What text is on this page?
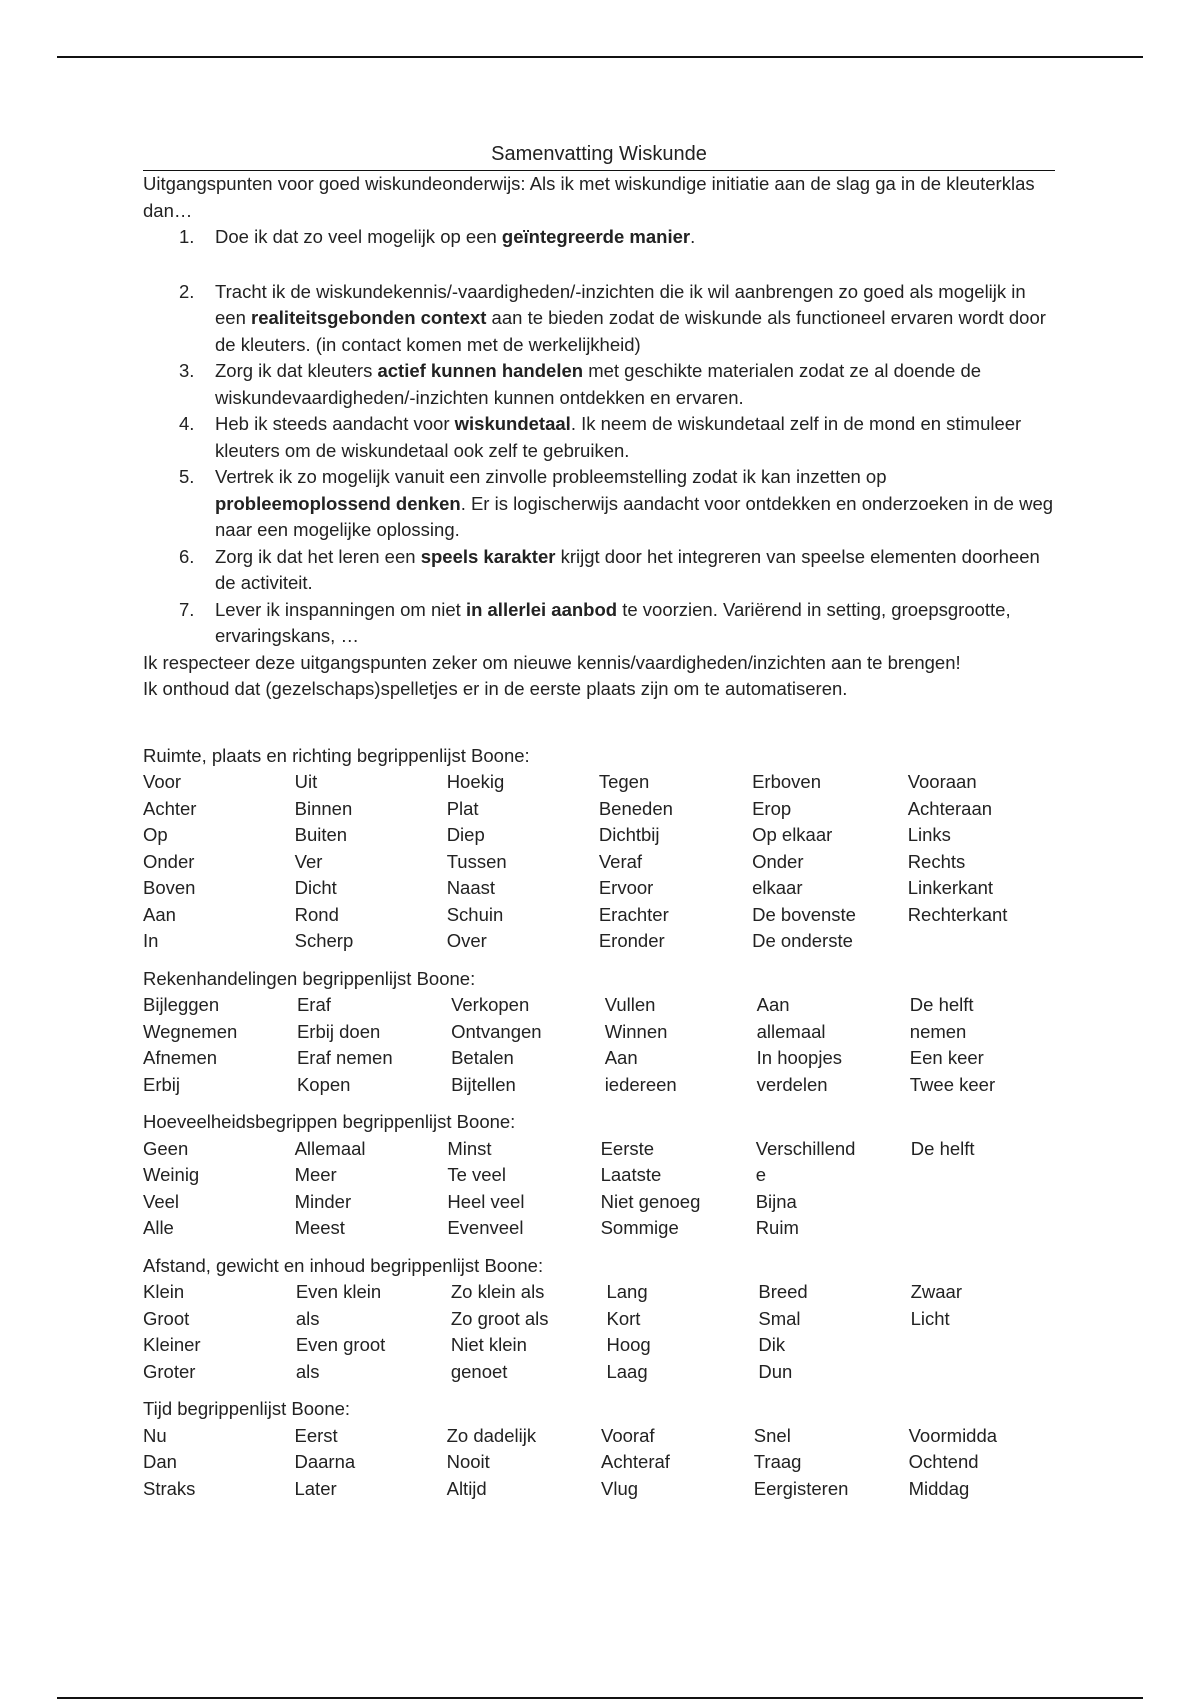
Samenvatting Wiskunde

Uitgangspunten voor goed wiskundeonderwijs: Als ik met wiskundige initiatie aan de slag ga in de kleuterklas dan…

1.	Doe ik dat zo veel mogelijk op een geïntegreerde manier.
2.	Tracht ik de wiskundekennis/-vaardigheden/-inzichten die ik wil aanbrengen zo goed als mogelijk in een realiteitsgebonden context aan te bieden zodat de wiskunde als functioneel ervaren wordt door de kleuters. (in contact komen met de werkelijkheid)
3.	Zorg ik dat kleuters actief kunnen handelen met geschikte materialen zodat ze al doende de wiskundevaardigheden/-inzichten kunnen ontdekken en ervaren.
4.	Heb ik steeds aandacht voor wiskundetaal. Ik neem de wiskundetaal zelf in de mond en stimuleer kleuters om de wiskundetaal ook zelf te gebruiken.
5.	Vertrek ik zo mogelijk vanuit een zinvolle probleemstelling zodat ik kan inzetten op probleemoplossend denken. Er is logischerwijs aandacht voor ontdekken en onderzoeken in de weg naar een mogelijke oplossing.
6.	Zorg ik dat het leren een speels karakter krijgt door het integreren van speelse elementen doorheen de activiteit.
7.	Lever ik inspanningen om niet in allerlei aanbod te voorzien. Variërend in setting, groepsgrootte, ervaringskans, …

Ik respecteer deze uitgangspunten zeker om nieuwe kennis/vaardigheden/inzichten aan te brengen!

Ik onthoud dat (gezelschaps)spelletjes er in de eerste plaats zijn om te automatiseren.

Ruimte, plaats en richting begrippenlijst Boone:

Voor	Uit	Hoekig	Tegen	Erboven	Vooraan
Achter	Binnen	Plat	Beneden	Erop	Achteraan
Op	Buiten	Diep	Dichtbij	Op elkaar	Links
Onder	Ver	Tussen	Veraf	Onder	Rechts
Boven	Dicht	Naast	Ervoor	elkaar	Linkerkant
Aan	Rond	Schuin	Erachter	De bovenste	Rechterkant
In	Scherp	Over	Eronder	De onderste	

Rekenhandelingen begrippenlijst Boone:

Bijleggen	Eraf	Verkopen	Vullen	Aan	De helft
Wegnemen	Erbij doen	Ontvangen	Winnen	allemaal	nemen
Afnemen	Eraf nemen	Betalen	Aan	In hoopjes	Een keer
Erbij	Kopen	Bijtellen	iedereen	verdelen	Twee keer

Hoeveelheidsbegrippen begrippenlijst Boone:

Geen	Allemaal	Minst	Eerste	Verschillend	De helft
Weinig	Meer	Te veel	Laatste	e	
Veel	Minder	Heel veel	Niet genoeg	Bijna	
Alle	Meest	Evenveel	Sommige	Ruim	

Afstand, gewicht en inhoud begrippenlijst Boone:

Klein	Even klein	Zo klein als	Lang	Breed	Zwaar
Groot	als	Zo groot als	Kort	Smal	Licht
Kleiner	Even groot	Niet klein	Hoog	Dik	
Groter	als	genoet	Laag	Dun	

Tijd begrippenlijst Boone:

Nu	Eerst	Zo dadelijk	Vooraf	Snel	Voormidda
Dan	Daarna	Nooit	Achteraf	Traag	Ochtend
Straks	Later	Altijd	Vlug	Eergisteren	Middag
